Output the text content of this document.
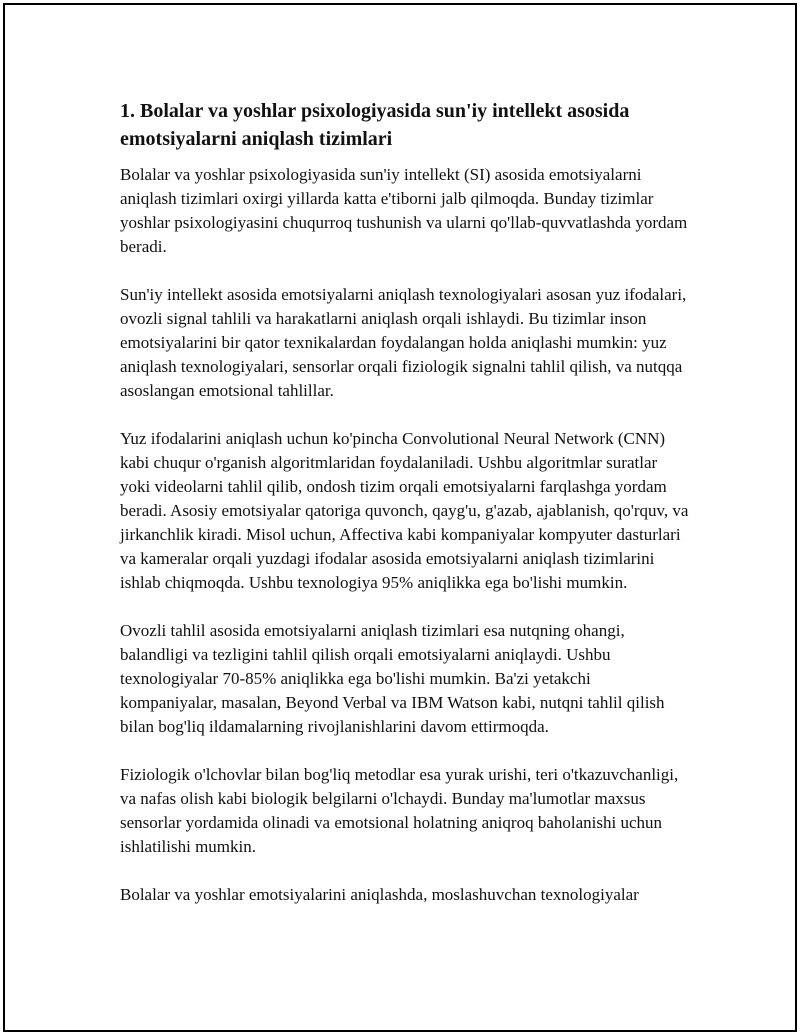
1. Bolalar va yoshlar psixologiyasida sun'iy intellekt asosida emotsiyalarni aniqlash tizimlari

Bolalar va yoshlar psixologiyasida sun'iy intellekt (SI) asosida emotsiyalarni aniqlash tizimlari oxirgi yillarda katta e'tiborni jalb qilmoqda. Bunday tizimlar yoshlar psixologiyasini chuqurroq tushunish va ularni qo'llab-quvvatlashda yordam beradi.

Sun'iy intellekt asosida emotsiyalarni aniqlash texnologiyalari asosan yuz ifodalari, ovozli signal tahlili va harakatlarni aniqlash orqali ishlaydi. Bu tizimlar inson emotsiyalarini bir qator texnikalardan foydalangan holda aniqlashi mumkin: yuz aniqlash texnologiyalari, sensorlar orqali fiziologik signalni tahlil qilish, va nutqqa asoslangan emotsional tahlillar.

Yuz ifodalarini aniqlash uchun ko'pincha Convolutional Neural Network (CNN) kabi chuqur o'rganish algoritmlaridan foydalaniladi. Ushbu algoritmlar suratlar yoki videolarni tahlil qilib, ondosh tizim orqali emotsiyalarni farqlashga yordam beradi. Asosiy emotsiyalar qatoriga quvonch, qayg'u, g'azab, ajablanish, qo'rquv, va jirkanchlik kiradi. Misol uchun, Affectiva kabi kompaniyalar kompyuter dasturlari va kameralar orqali yuzdagi ifodalar asosida emotsiyalarni aniqlash tizimlarini ishlab chiqmoqda. Ushbu texnologiya 95% aniqlikka ega bo'lishi mumkin.

Ovozli tahlil asosida emotsiyalarni aniqlash tizimlari esa nutqning ohangi, balandligi va tezligini tahlil qilish orqali emotsiyalarni aniqlaydi. Ushbu texnologiyalar 70-85% aniqlikka ega bo'lishi mumkin. Ba'zi yetakchi kompaniyalar, masalan, Beyond Verbal va IBM Watson kabi, nutqni tahlil qilish bilan bog'liq ildamalarning rivojlanishlarini davom ettirmoqda.

Fiziologik o'lchovlar bilan bog'liq metodlar esa yurak urishi, teri o'tkazuvchanligi, va nafas olish kabi biologik belgilarni o'lchaydi. Bunday ma'lumotlar maxsus sensorlar yordamida olinadi va emotsional holatning aniqroq baholanishi uchun ishlatilishi mumkin.

Bolalar va yoshlar emotsiyalarini aniqlashda, moslashuvchan texnologiyalar
